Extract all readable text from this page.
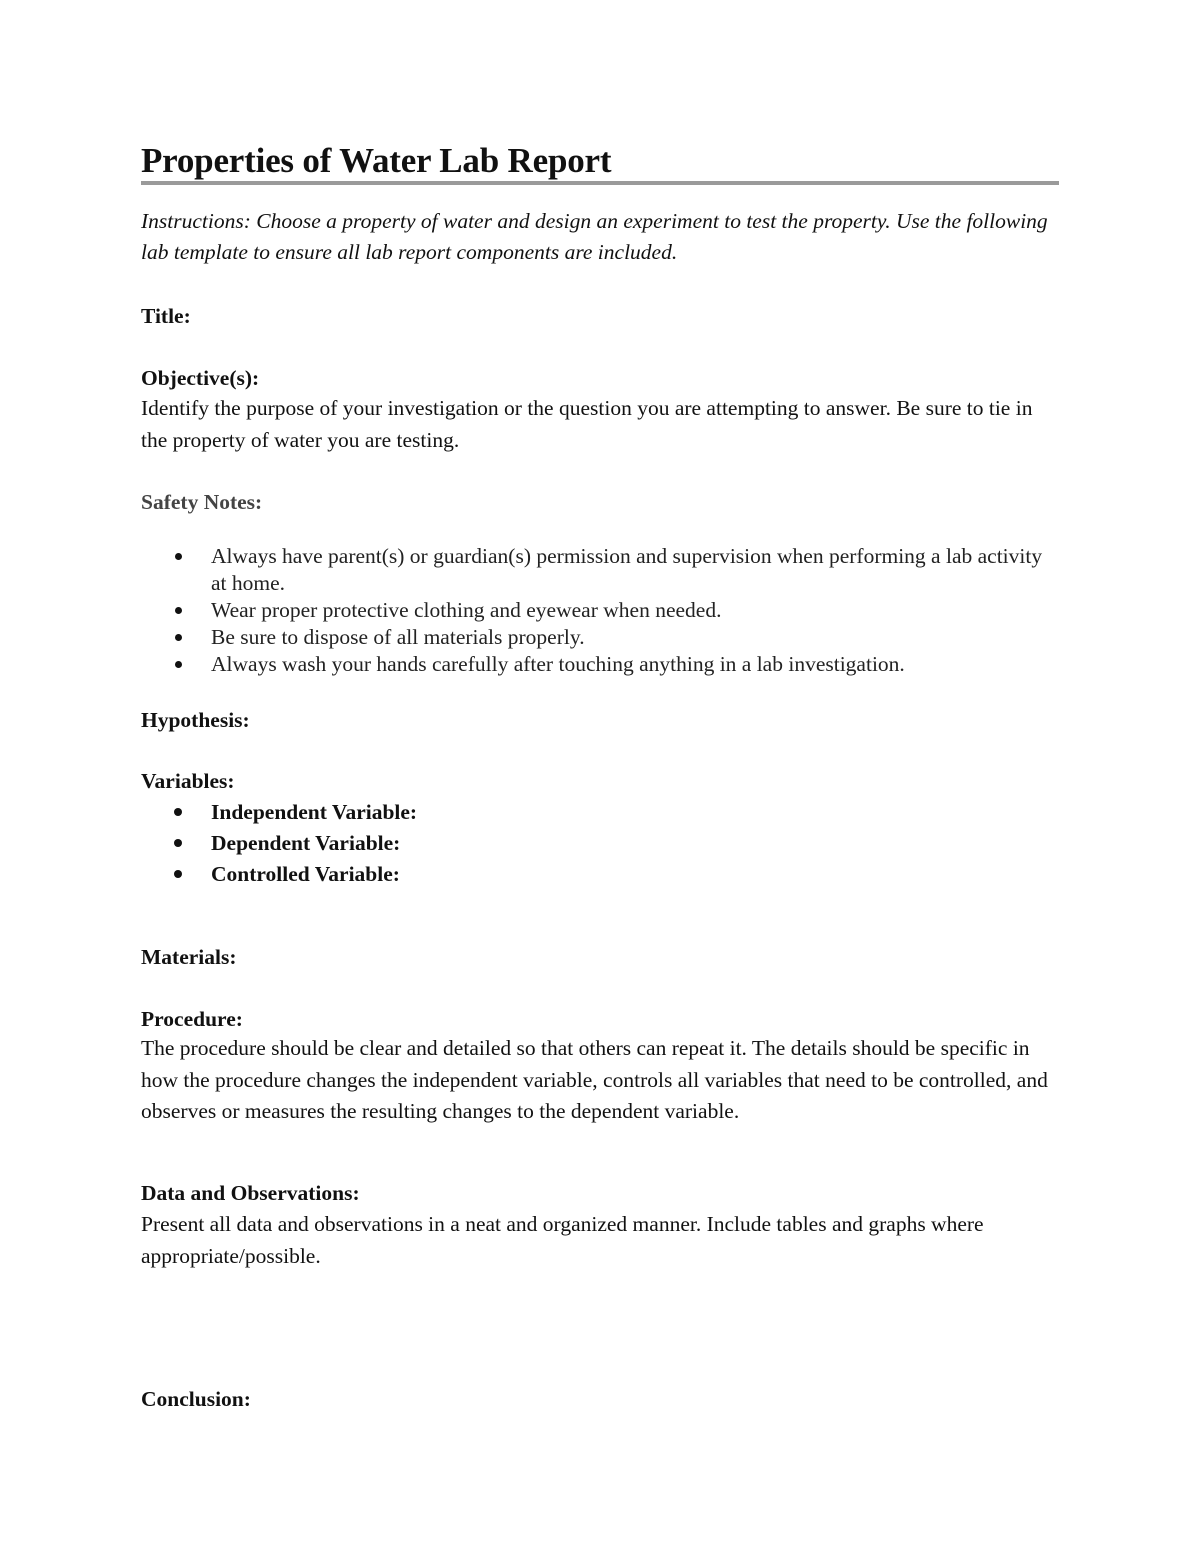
Properties of Water Lab Report

Instructions: Choose a property of water and design an experiment to test the property. Use the following lab template to ensure all lab report components are included.

Title:

Objective(s):

Identify the purpose of your investigation or the question you are attempting to answer. Be sure to tie in the property of water you are testing.

Safety Notes:

Always have parent(s) or guardian(s) permission and supervision when performing a lab activity at home.
Wear proper protective clothing and eyewear when needed.
Be sure to dispose of all materials properly.
Always wash your hands carefully after touching anything in a lab investigation.

Hypothesis:

Variables:

Independent Variable:
Dependent Variable:
Controlled Variable:

Materials:

Procedure:

The procedure should be clear and detailed so that others can repeat it. The details should be specific in how the procedure changes the independent variable, controls all variables that need to be controlled, and observes or measures the resulting changes to the dependent variable.

Data and Observations:

Present all data and observations in a neat and organized manner. Include tables and graphs where appropriate/possible.

Conclusion:
